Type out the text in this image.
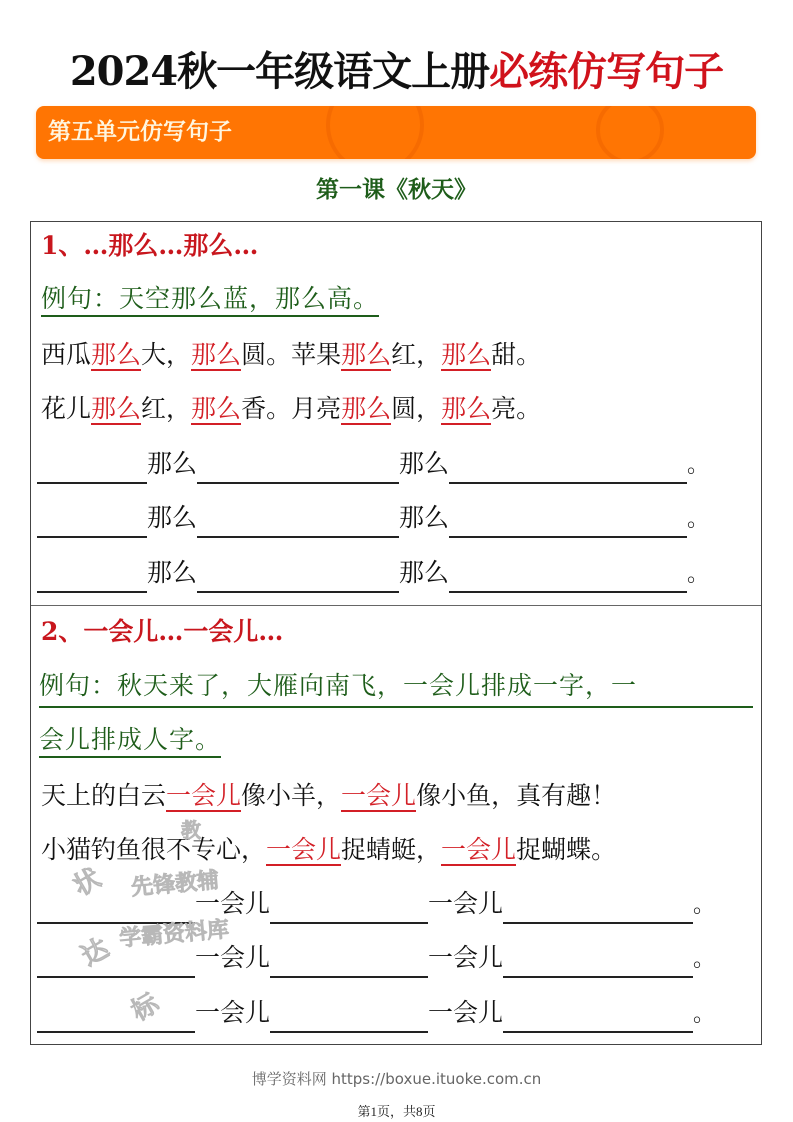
2024秋一年级语文上册必练仿写句子
第五单元仿写句子
第一课《秋天》
1、…那么…那么…
例句：天空那么蓝，那么高。
西瓜那么大，那么圆。苹果那么红，那么甜。
花儿那么红，那么香。月亮那么圆，那么亮。
那么	那么	。
那么	那么	。
那么	那么	。
2、一会儿…一会儿…
例句：秋天来了，大雁向南飞，一会儿排成一字，一
会儿排成人字。
天上的白云一会儿像小羊，一会儿像小鱼，真有趣！
小猫钓鱼很不专心，一会儿捉蜻蜓，一会儿捉蝴蝶。
一会儿	一会儿	。
一会儿	一会儿	。
一会儿	一会儿	。
先锋教辅
学霸资料库
状
教
达
标
博学资料网 https://boxue.ituoke.com.cn
第1页，共8页
